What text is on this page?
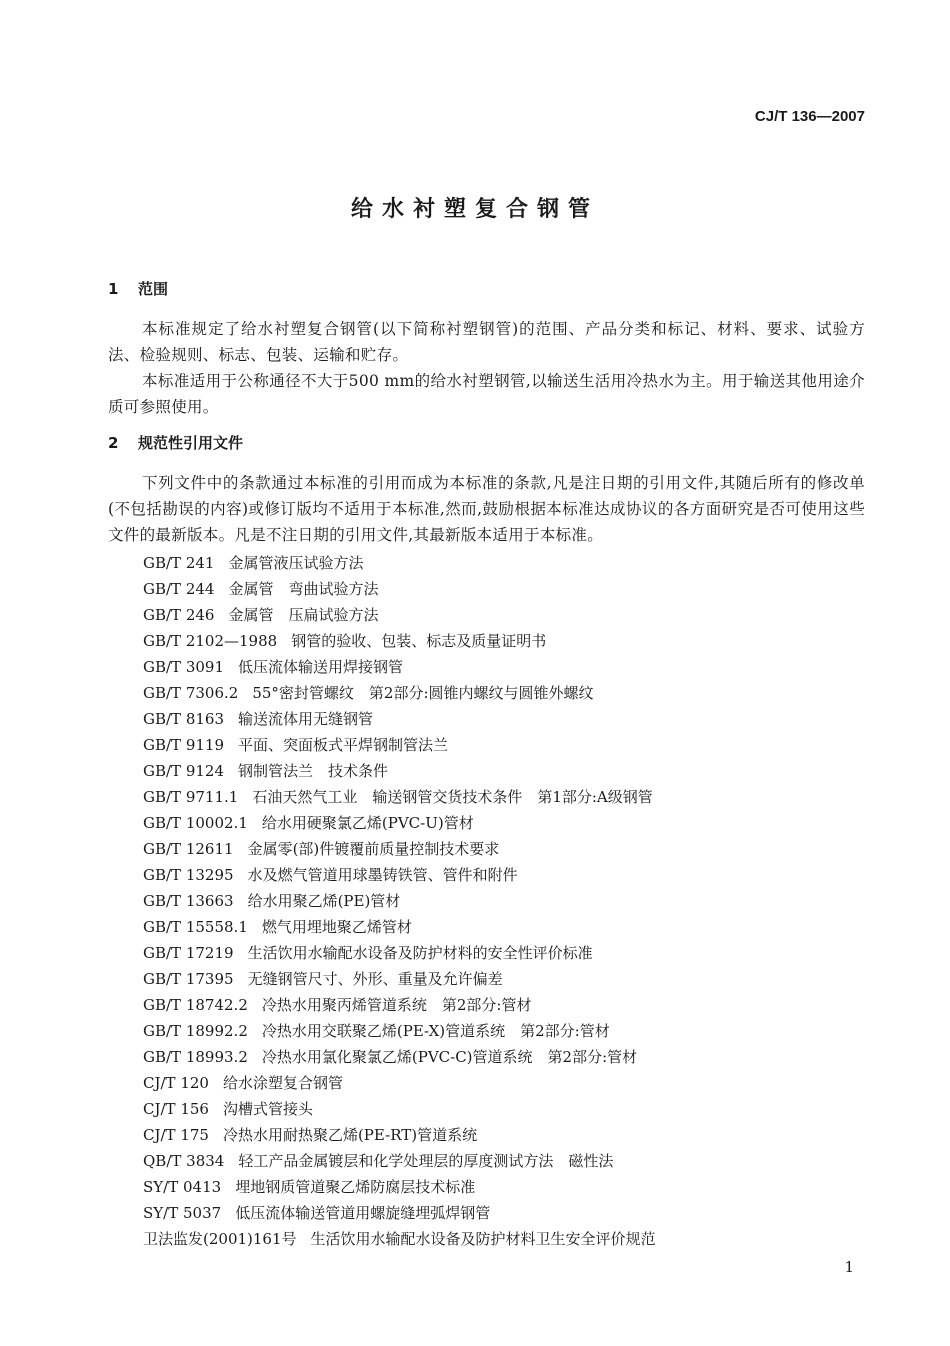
CJ/T 136—2007
给水衬塑复合钢管
1 范围
本标准规定了给水衬塑复合钢管(以下简称衬塑钢管)的范围、产品分类和标记、材料、要求、试验方法、检验规则、标志、包装、运输和贮存。
本标准适用于公称通径不大于500 mm的给水衬塑钢管,以输送生活用冷热水为主。用于输送其他用途介质可参照使用。
2 规范性引用文件
下列文件中的条款通过本标准的引用而成为本标准的条款,凡是注日期的引用文件,其随后所有的修改单(不包括勘误的内容)或修订版均不适用于本标准,然而,鼓励根据本标准达成协议的各方面研究是否可使用这些文件的最新版本。凡是不注日期的引用文件,其最新版本适用于本标准。
GB/T 241 金属管液压试验方法
GB/T 244 金属管　弯曲试验方法
GB/T 246 金属管　压扁试验方法
GB/T 2102—1988 钢管的验收、包装、标志及质量证明书
GB/T 3091 低压流体输送用焊接钢管
GB/T 7306.2 55°密封管螺纹　第2部分:圆锥内螺纹与圆锥外螺纹
GB/T 8163 输送流体用无缝钢管
GB/T 9119 平面、突面板式平焊钢制管法兰
GB/T 9124 钢制管法兰　技术条件
GB/T 9711.1 石油天然气工业　输送钢管交货技术条件　第1部分:A级钢管
GB/T 10002.1 给水用硬聚氯乙烯(PVC-U)管材
GB/T 12611 金属零(部)件镀覆前质量控制技术要求
GB/T 13295 水及燃气管道用球墨铸铁管、管件和附件
GB/T 13663 给水用聚乙烯(PE)管材
GB/T 15558.1 燃气用埋地聚乙烯管材
GB/T 17219 生活饮用水输配水设备及防护材料的安全性评价标准
GB/T 17395 无缝钢管尺寸、外形、重量及允许偏差
GB/T 18742.2 冷热水用聚丙烯管道系统　第2部分:管材
GB/T 18992.2 冷热水用交联聚乙烯(PE-X)管道系统　第2部分:管材
GB/T 18993.2 冷热水用氯化聚氯乙烯(PVC-C)管道系统　第2部分:管材
CJ/T 120 给水涂塑复合钢管
CJ/T 156 沟槽式管接头
CJ/T 175 冷热水用耐热聚乙烯(PE-RT)管道系统
QB/T 3834 轻工产品金属镀层和化学处理层的厚度测试方法　磁性法
SY/T 0413 埋地钢质管道聚乙烯防腐层技术标准
SY/T 5037 低压流体输送管道用螺旋缝埋弧焊钢管
卫法监发(2001)161号 生活饮用水输配水设备及防护材料卫生安全评价规范
1
